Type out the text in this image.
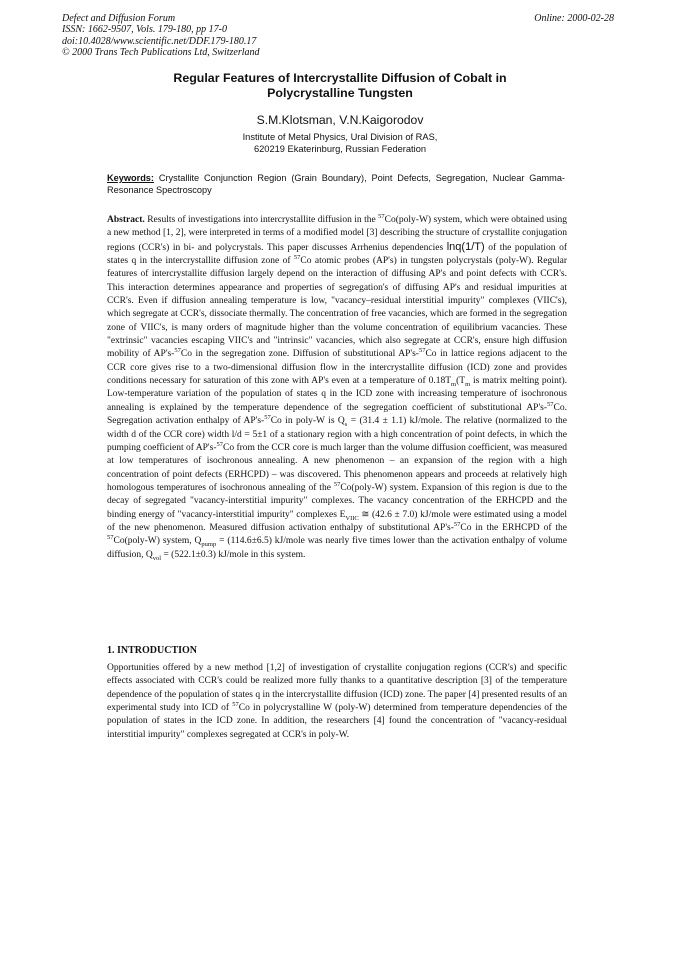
Defect and Diffusion Forum
ISSN: 1662-9507, Vols. 179-180, pp 17-0
doi:10.4028/www.scientific.net/DDF.179-180.17
© 2000 Trans Tech Publications Ltd, Switzerland
Online: 2000-02-28
Regular Features of Intercrystallite Diffusion of Cobalt in
Polycrystalline Tungsten
S.M.Klotsman, V.N.Kaigorodov
Institute of Metal Physics, Ural Division of RAS,
620219 Ekaterinburg, Russian Federation
Keywords: Crystallite Conjunction Region (Grain Boundary), Point Defects, Segregation, Nuclear Gamma-Resonance Spectroscopy
Abstract. Results of investigations into intercrystallite diffusion in the $^{57}$Co(poly-W) system, which were obtained using a new method [1, 2], were interpreted in terms of a modified model [3] describing the structure of crystallite conjugation regions (CCR's) in bi- and polycrystals. This paper discusses Arrhenius dependencies lnq(1/T) of the population of states q in the intercrystallite diffusion zone of $^{57}$Co atomic probes (AP's) in tungsten polycrystals (poly-W). Regular features of intercrystallite diffusion largely depend on the interaction of diffusing AP's and point defects with CCR's. This interaction determines appearance and properties of segregation's of diffusing AP's and residual impurities at CCR's. Even if diffusion annealing temperature is low, "vacancy–residual interstitial impurity" complexes (VIIC's), which segregate at CCR's, dissociate thermally. The concentration of free vacancies, which are formed in the segregation zone of VIIC's, is many orders of magnitude higher than the volume concentration of equilibrium vacancies. These "extrinsic" vacancies escaping VIIC's and "intrinsic" vacancies, which also segregate at CCR's, ensure high diffusion mobility of AP's-$^{57}$Co in the segregation zone. Diffusion of substitutional AP's-$^{57}$Co in lattice regions adjacent to the CCR core gives rise to a two-dimensional diffusion flow in the intercrystallite diffusion (ICD) zone and provides conditions necessary for saturation of this zone with AP's even at a temperature of $0.18T_m(T_m$ is matrix melting point). Low-temperature variation of the population of states q in the ICD zone with increasing temperature of isochronous annealing is explained by the temperature dependence of the segregation coefficient of substitutional AP's-$^{57}$Co. Segregation activation enthalpy of AP's-$^{57}$Co in poly-W is $Q_s = (31.4 \pm 1.1)$ kJ/mole. The relative (normalized to the width d of the CCR core) width l/d = 5±1 of a stationary region with a high concentration of point defects, in which the pumping coefficient of AP's-$^{57}$Co from the CCR core is much larger than the volume diffusion coefficient, was measured at low temperatures of isochronous annealing. A new phenomenon – an expansion of the region with a high concentration of point defects (ERHCPD) – was discovered. This phenomenon appears and proceeds at relatively high homologous temperatures of isochronous annealing of the $^{57}$Co(poly-W) system. Expansion of this region is due to the decay of segregated "vacancy-interstitial impurity" complexes. The vacancy concentration of the ERHCPD and the binding energy of "vacancy-interstitial impurity" complexes $E_{VIIC}$ ≅ (42.6 ± 7.0) kJ/mole were estimated using a model of the new phenomenon. Measured diffusion activation enthalpy of substitutional AP's-$^{57}$Co in the ERHCPD of the $^{57}$Co(poly-W) system, $Q_{pump} = (114.6\pm 6.5)$ kJ/mole was nearly five times lower than the activation enthalpy of volume diffusion, $Q_{vol} = (522.1\pm 0.3)$ kJ/mole in this system.
1. INTRODUCTION
Opportunities offered by a new method [1,2] of investigation of crystallite conjugation regions (CCR's) and specific effects associated with CCR's could be realized more fully thanks to a quantitative description [3] of the temperature dependence of the population of states q in the intercrystallite diffusion (ICD) zone. The paper [4] presented results of an experimental study into ICD of $^{57}$Co in polycrystalline W (poly-W) determined from temperature dependencies of the population of states in the ICD zone. In addition, the researchers [4] found the concentration of "vacancy-residual interstitial impurity" complexes segregated at CCR's in poly-W.
